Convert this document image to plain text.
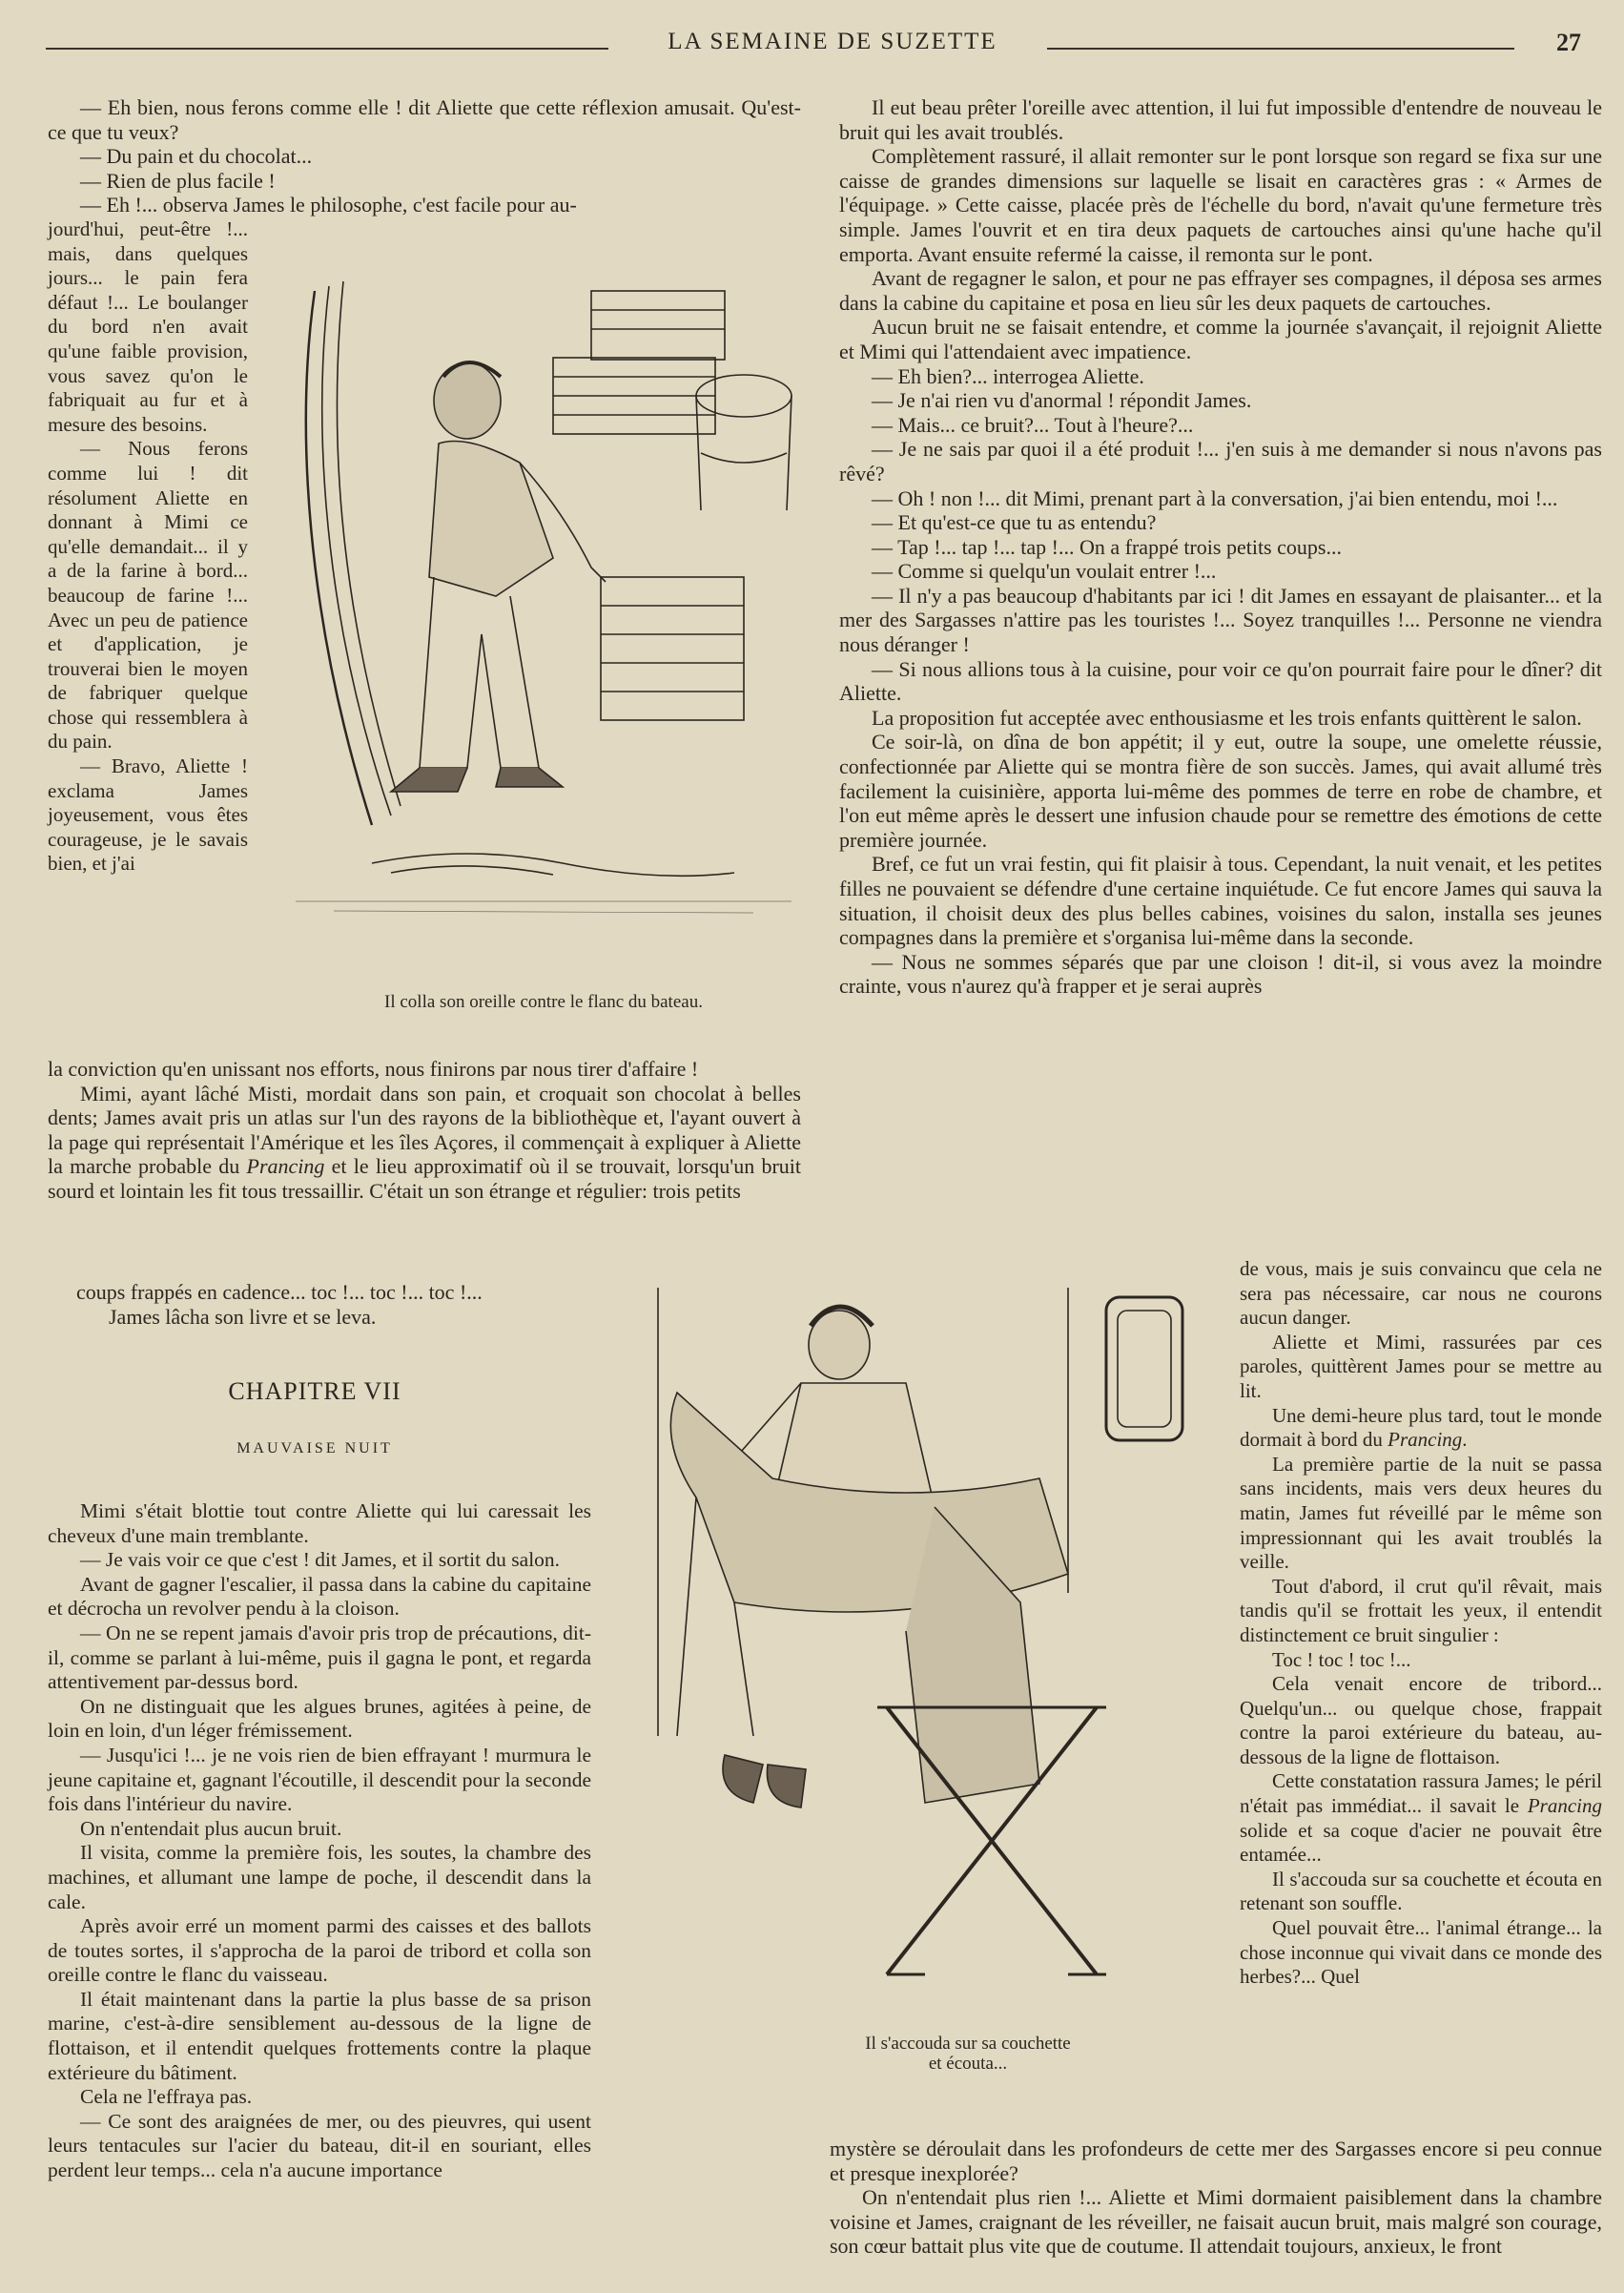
LA SEMAINE DE SUZETTE	27

— Eh bien, nous ferons comme elle ! dit Aliette que cette réflexion amusait. Qu'est-ce que tu veux?

— Du pain et du chocolat...

— Rien de plus facile !

— Eh !... observa James le philosophe, c'est facile pour au-

jourd'hui, peut-être !... mais, dans quelques jours... le pain fera défaut !... Le boulanger du bord n'en avait qu'une faible provision, vous savez qu'on le fabriquait au fur et à mesure des besoins.

— Nous ferons comme lui ! dit résolument Aliette en donnant à Mimi ce qu'elle demandait... il y a de la farine à bord... beaucoup de farine !... Avec un peu de patience et d'application, je trouverai bien le moyen de fabriquer quelque chose qui ressemblera à du pain.

— Bravo, Aliette ! exclama James joyeusement, vous êtes courageuse, je le savais bien, et j'ai

Il colla son oreille contre le flanc du bateau.

la conviction qu'en unissant nos efforts, nous finirons par nous tirer d'affaire !

Mimi, ayant lâché Misti, mordait dans son pain, et croquait son chocolat à belles dents; James avait pris un atlas sur l'un des rayons de la bibliothèque et, l'ayant ouvert à la page qui représentait l'Amérique et les îles Açores, il commençait à expliquer à Aliette la marche probable du Prancing et le lieu approximatif où il se trouvait, lorsqu'un bruit sourd et lointain les fit tous tressaillir. C'était un son étrange et régulier: trois petits

coups frappés en cadence... toc !... toc !... toc !...

James lâcha son livre et se leva.

CHAPITRE VII
MAUVAISE NUIT

Mimi s'était blottie tout contre Aliette qui lui caressait les cheveux d'une main tremblante.

— Je vais voir ce que c'est ! dit James, et il sortit du salon.

Avant de gagner l'escalier, il passa dans la cabine du capitaine et décrocha un revolver pendu à la cloison.

— On ne se repent jamais d'avoir pris trop de précautions, dit-il, comme se parlant à lui-même, puis il gagna le pont, et regarda attentivement par-dessus bord.

On ne distinguait que les algues brunes, agitées à peine, de loin en loin, d'un léger frémissement.

— Jusqu'ici !... je ne vois rien de bien effrayant ! murmura le jeune capitaine et, gagnant l'écoutille, il descendit pour la seconde fois dans l'intérieur du navire.

On n'entendait plus aucun bruit.

Il visita, comme la première fois, les soutes, la chambre des machines, et allumant une lampe de poche, il descendit dans la cale.

Après avoir erré un moment parmi des caisses et des ballots de toutes sortes, il s'approcha de la paroi de tribord et colla son oreille contre le flanc du vaisseau.

Il était maintenant dans la partie la plus basse de sa prison marine, c'est-à-dire sensiblement au-dessous de la ligne de flottaison, et il entendit quelques frottements contre la plaque extérieure du bâtiment.

Cela ne l'effraya pas.

— Ce sont des araignées de mer, ou des pieuvres, qui usent leurs tentacules sur l'acier du bateau, dit-il en souriant, elles perdent leur temps... cela n'a aucune importance

Il s'accouda sur sa couchette
et écouta...

Il eut beau prêter l'oreille avec attention, il lui fut impossible d'entendre de nouveau le bruit qui les avait troublés.

Complètement rassuré, il allait remonter sur le pont lorsque son regard se fixa sur une caisse de grandes dimensions sur laquelle se lisait en caractères gras : « Armes de l'équipage. » Cette caisse, placée près de l'échelle du bord, n'avait qu'une fermeture très simple. James l'ouvrit et en tira deux paquets de cartouches ainsi qu'une hache qu'il emporta. Avant ensuite refermé la caisse, il remonta sur le pont.

Avant de regagner le salon, et pour ne pas effrayer ses compagnes, il déposa ses armes dans la cabine du capitaine et posa en lieu sûr les deux paquets de cartouches.

Aucun bruit ne se faisait entendre, et comme la journée s'avançait, il rejoignit Aliette et Mimi qui l'attendaient avec impatience.

— Eh bien?... interrogea Aliette.

— Je n'ai rien vu d'anormal ! répondit James.

— Mais... ce bruit?... Tout à l'heure?...

— Je ne sais par quoi il a été produit !... j'en suis à me demander si nous n'avons pas rêvé?

— Oh ! non !... dit Mimi, prenant part à la conversation, j'ai bien entendu, moi !...

— Et qu'est-ce que tu as entendu?

— Tap !... tap !... tap !... On a frappé trois petits coups...

— Comme si quelqu'un voulait entrer !...

— Il n'y a pas beaucoup d'habitants par ici ! dit James en essayant de plaisanter... et la mer des Sargasses n'attire pas les touristes !... Soyez tranquilles !... Personne ne viendra nous déranger !

— Si nous allions tous à la cuisine, pour voir ce qu'on pourrait faire pour le dîner? dit Aliette.

La proposition fut acceptée avec enthousiasme et les trois enfants quittèrent le salon.

Ce soir-là, on dîna de bon appétit; il y eut, outre la soupe, une omelette réussie, confectionnée par Aliette qui se montra fière de son succès. James, qui avait allumé très facilement la cuisinière, apporta lui-même des pommes de terre en robe de chambre, et l'on eut même après le dessert une infusion chaude pour se remettre des émotions de cette première journée.

Bref, ce fut un vrai festin, qui fit plaisir à tous. Cependant, la nuit venait, et les petites filles ne pouvaient se défendre d'une certaine inquiétude. Ce fut encore James qui sauva la situation, il choisit deux des plus belles cabines, voisines du salon, installa ses jeunes compagnes dans la première et s'organisa lui-même dans la seconde.

— Nous ne sommes séparés que par une cloison ! dit-il, si vous avez la moindre crainte, vous n'aurez qu'à frapper et je serai auprès

de vous, mais je suis convaincu que cela ne sera pas nécessaire, car nous ne courons aucun danger.

Aliette et Mimi, rassurées par ces paroles, quittèrent James pour se mettre au lit.

Une demi-heure plus tard, tout le monde dormait à bord du Prancing.

La première partie de la nuit se passa sans incidents, mais vers deux heures du matin, James fut réveillé par le même son impressionnant qui les avait troublés la veille.

Tout d'abord, il crut qu'il rêvait, mais tandis qu'il se frottait les yeux, il entendit distinctement ce bruit singulier :

Toc ! toc ! toc !...

Cela venait encore de tribord... Quelqu'un... ou quelque chose, frappait contre la paroi extérieure du bateau, au-dessous de la ligne de flottaison.

Cette constatation rassura James; le péril n'était pas immédiat... il savait le Prancing solide et sa coque d'acier ne pouvait être entamée...

Il s'accouda sur sa couchette et écouta en retenant son souffle.

Quel pouvait être... l'animal étrange... la chose inconnue qui vivait dans ce monde des herbes?... Quel

mystère se déroulait dans les profondeurs de cette mer des Sargasses encore si peu connue et presque inexplorée?

On n'entendait plus rien !... Aliette et Mimi dormaient paisiblement dans la chambre voisine et James, craignant de les réveiller, ne faisait aucun bruit, mais malgré son courage, son cœur battait plus vite que de coutume. Il attendait toujours, anxieux, le front
